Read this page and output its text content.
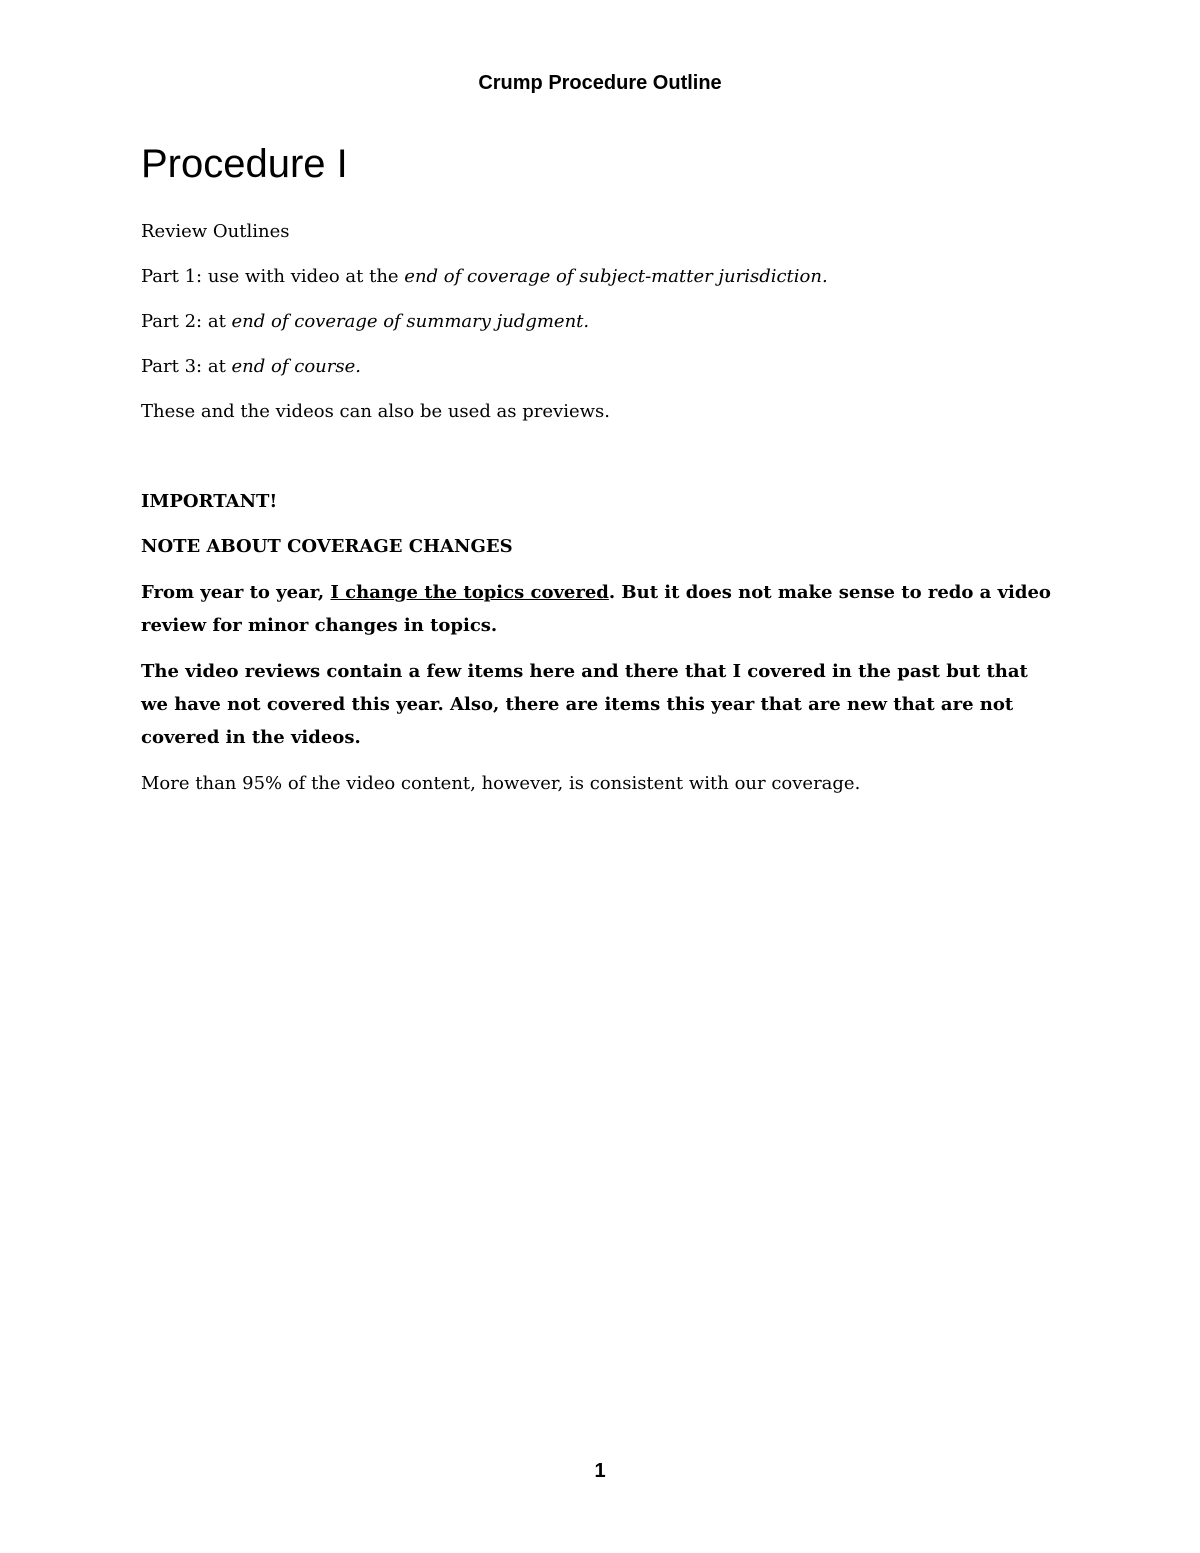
Crump Procedure Outline
Procedure I

Review Outlines

Part 1: use with video at the end of coverage of subject-matter jurisdiction.

Part 2: at end of coverage of summary judgment.

Part 3: at end of course.

These and the videos can also be used as previews.

IMPORTANT!

NOTE ABOUT COVERAGE CHANGES

From year to year, I change the topics covered. But it does not make sense to redo a video review for minor changes in topics.

The video reviews contain a few items here and there that I covered in the past but that we have not covered this year. Also, there are items this year that are new that are not covered in the videos.

More than 95% of the video content, however, is consistent with our coverage.

1
